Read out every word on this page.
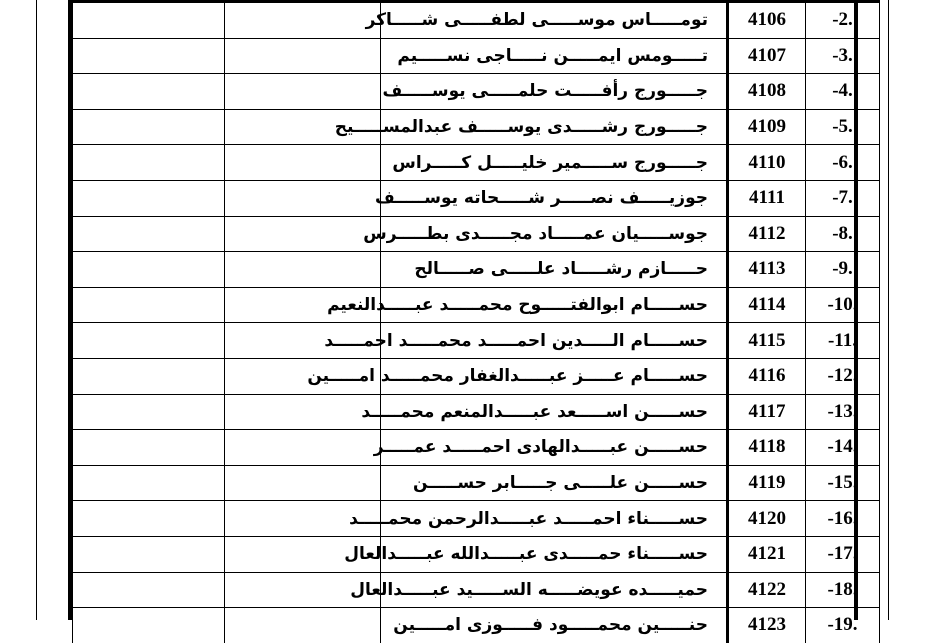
		تومـــــاس موســـــى لطفـــــى شـــــاكر	4106	-2.
		تـــــومس ايمـــــن نـــــاجى نســـــيم	4107	-3.
		جـــــورج رأفـــــت حلمـــــى يوســـــف	4108	-4.
		جـــــورج رشـــــدى يوســـــف عبدالمســـــيح	4109	-5.
		جـــــورج ســـــمير خليـــــل كـــــراس	4110	-6.
		جوزيـــــف نصـــــر شـــــحاته يوســـــف	4111	-7.
		جوســـــيان عمـــــاد مجـــــدى بطـــــرس	4112	-8.
		حـــــازم رشـــــاد علـــــى صـــــالح	4113	-9.
		حســـــام ابوالفتـــــوح محمـــــد عبـــــدالنعيم	4114	-10.
		حســـــام الـــــدين احمـــــد محمـــــد احمـــــد	4115	-11.
		حســـــام عـــــز عبـــــدالغفار محمـــــد امـــــين	4116	-12.
		حســـــن اســـــعد عبـــــدالمنعم محمـــــد	4117	-13.
		حســـــن عبـــــدالهادى احمـــــد عمـــــر	4118	-14.
		حســـــن علـــــى جـــــابر حســـــن	4119	-15.
		حســـــناء احمـــــد عبـــــدالرحمن محمـــــد	4120	-16.
		حســـــناء حمـــــدى عبـــــدالله عبـــــدالعال	4121	-17.
		حميـــــده عويضـــــه الســـــيد عبـــــدالعال	4122	-18.
		حنـــــين محمـــــود فـــــوزى امـــــين	4123	-19.
